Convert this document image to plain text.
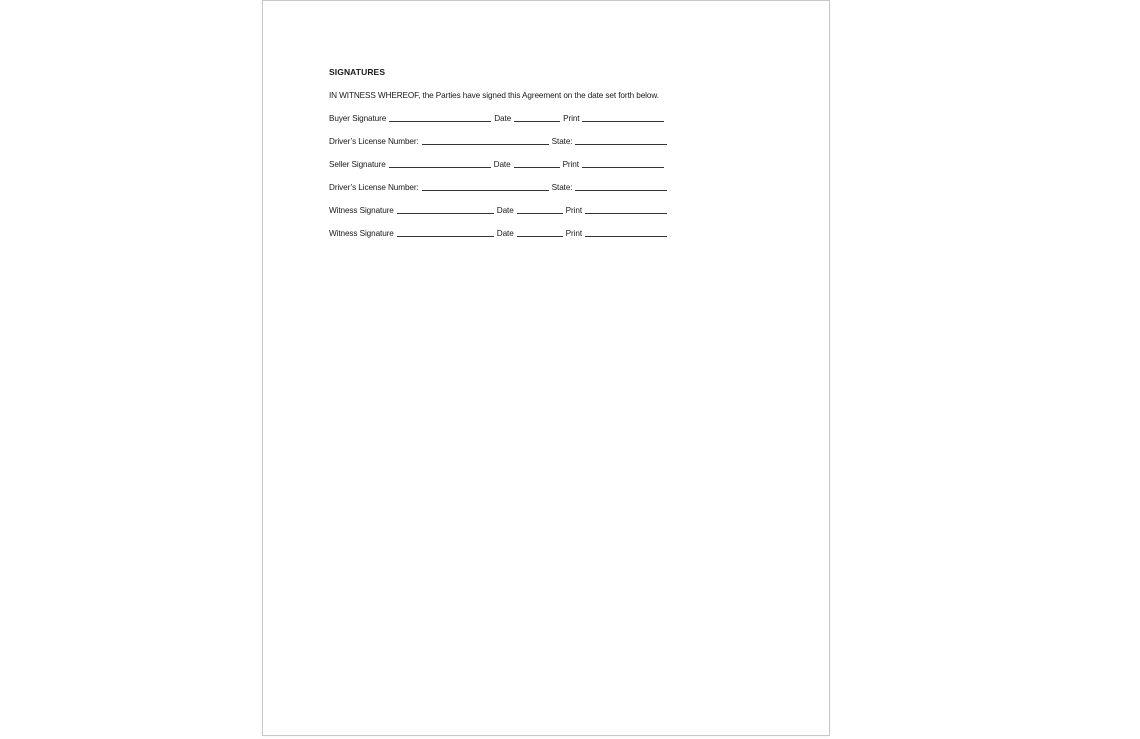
SIGNATURES
IN WITNESS WHEREOF, the Parties have signed this Agreement on the date set forth below.
Buyer Signature	Date	Print
Driver’s License Number:	State:
Seller Signature	Date	Print
Driver’s License Number:	State:
Witness Signature	Date	Print
Witness Signature	Date	Print
